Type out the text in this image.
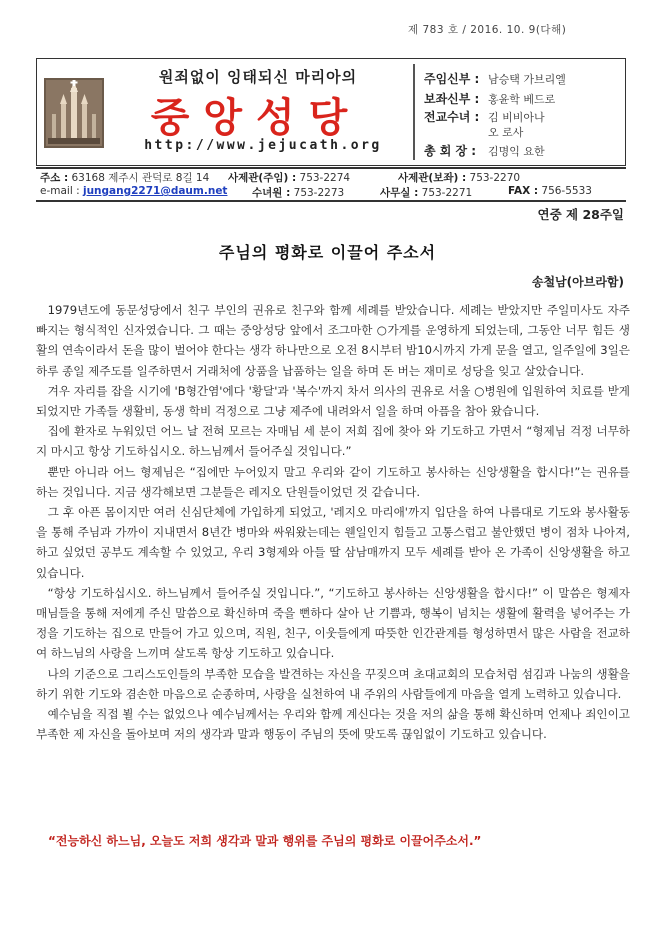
제 783 호 / 2016. 10. 9(다해)
원죄없이 잉태되신 마리아의
중앙성당
http://www.jejucath.org
주임신부 : 남승택 가브리엘
보좌신부 : 홍윤학 베드로
전교수녀 : 김 비비아나
오 로사
총 회 장 : 김명익 요한
주소 : 63168 제주시 관덕로 8길 14 사제관(주임) : 753-2274	사제관(보좌) : 753-2270
e-mail : jungang2271@daum.net 수녀원 : 753-2273	사무실 : 753-2271	FAX : 756-5533
연중 제 28주일
주님의 평화로 이끌어 주소서
송철남(아브라함)

1979년도에 동문성당에서 친구 부인의 권유로 친구와 함께 세례를 받았습니다. 세례는 받았지만 주일미사도 자주 빠지는 형식적인 신자였습니다. 그 때는 중앙성당 앞에서 조그마한 ○가게를 운영하게 되었는데, 그동안 너무 힘든 생활의 연속이라서 돈을 많이 벌어야 한다는 생각 하나만으로 오전 8시부터 밤10시까지 가게 문을 열고, 일주일에 3일은 하루 종일 제주도를 일주하면서 거래처에 상품을 납품하는 일을 하며 돈 버는 재미로 성당을 잊고 살았습니다.

겨우 자리를 잡을 시기에 'B형간염'에다 '황달'과 '복수'까지 차서 의사의 권유로 서울 ○병원에 입원하여 치료를 받게 되었지만 가족들 생활비, 동생 학비 걱정으로 그냥 제주에 내려와서 일을 하며 아픔을 참아 왔습니다.

집에 환자로 누워있던 어느 날 전혀 모르는 자매님 세 분이 저희 집에 찾아 와 기도하고 가면서 “형제님 걱정 너무하지 마시고 항상 기도하십시오. 하느님께서 들어주실 것입니다.”

뿐만 아니라 어느 형제님은 “집에만 누어있지 말고 우리와 같이 기도하고 봉사하는 신앙생활을 합시다!”는 권유를 하는 것입니다. 지금 생각해보면 그분들은 레지오 단원들이었던 것 같습니다.

그 후 아픈 몸이지만 여러 신심단체에 가입하게 되었고, '레지오 마리애'까지 입단을 하여 나름대로 기도와 봉사활동을 통해 주님과 가까이 지내면서 8년간 병마와 싸워왔는데는 웬일인지 힘들고 고통스럽고 불안했던 병이 점차 나아져, 하고 싶었던 공부도 계속할 수 있었고, 우리 3형제와 아들 딸 삼남매까지 모두 세례를 받아 온 가족이 신앙생활을 하고 있습니다.

“항상 기도하십시오. 하느님께서 들어주실 것입니다.”, “기도하고 봉사하는 신앙생활을 합시다!” 이 말씀은 형제자매님들을 통해 저에게 주신 말씀으로 확신하며 죽을 뻔하다 살아 난 기쁨과, 행복이 넘치는 생활에 활력을 넣어주는 가정을 기도하는 집으로 만들어 가고 있으며, 직원, 친구, 이웃들에게 따뜻한 인간관계를 형성하면서 많은 사람을 전교하여 하느님의 사랑을 느끼며 살도록 항상 기도하고 있습니다.

나의 기준으로 그리스도인들의 부족한 모습을 발견하는 자신을 꾸짖으며 초대교회의 모습처럼 섬김과 나눔의 생활을 하기 위한 기도와 겸손한 마음으로 순종하며, 사랑을 실천하여 내 주위의 사람들에게 마음을 열게 노력하고 있습니다.

예수님을 직접 뵐 수는 없었으나 예수님께서는 우리와 함께 계신다는 것을 저의 삶을 통해 확신하며 언제나 죄인이고 부족한 제 자신을 돌아보며 저의 생각과 말과 행동이 주님의 뜻에 맞도록 끊임없이 기도하고 있습니다.

“전능하신 하느님, 오늘도 저희 생각과 말과 행위를 주님의 평화로 이끌어주소서.”
